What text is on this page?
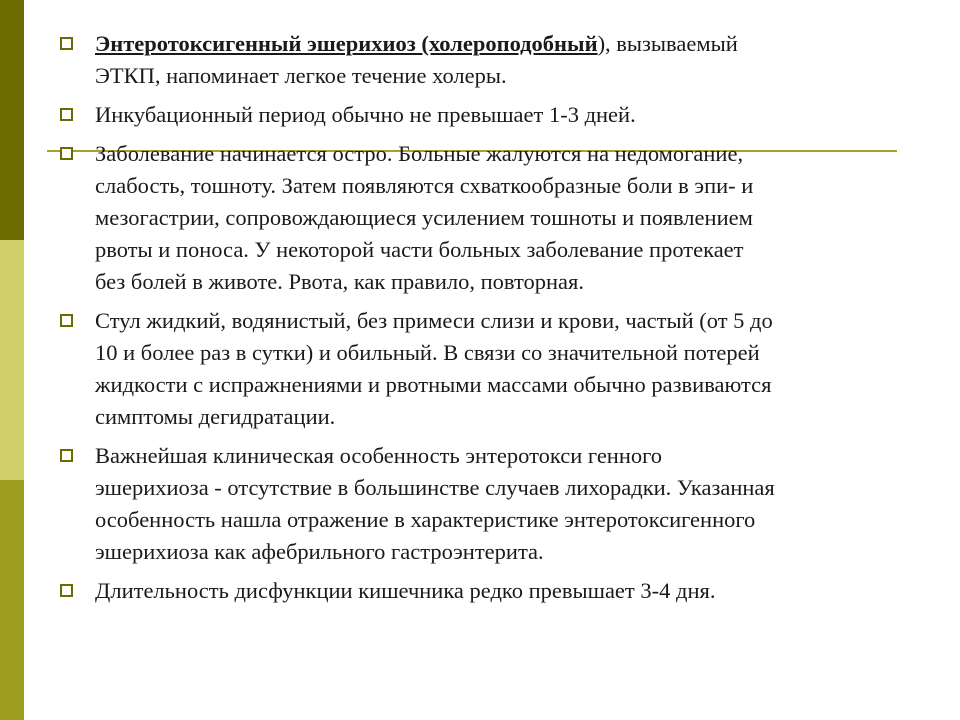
Энтеротоксигенный эшерихиоз (холероподобный), вызываемый
ЭТКП, напоминает легкое течение холеры.
Инкубационный период обычно не превышает 1-3 дней.
Заболевание начинается остро. Больные жалуются на недомогание,
слабость, тошноту. Затем появляются схваткообразные боли в эпи- и
мезогастрии, сопровождающиеся усилением тошноты и появлением
рвоты и поноса. У некоторой части больных заболевание протекает
без болей в животе. Рвота, как правило, повторная.
Стул жидкий, водянистый, без примеси слизи и крови, частый (от 5 до
10 и более раз в сутки) и обильный. В связи со значительной потерей
жидкости с испражнениями и рвотными массами обычно развиваются
симптомы дегидратации.
Важнейшая клиническая особенность энтеротокси генного
эшерихиоза - отсутствие в большинстве случаев лихорадки. Указанная
особенность нашла отражение в характеристике энтеротоксигенного
эшерихиоза как афебрильного гастроэнтерита.
Длительность дисфункции кишечника редко превышает 3-4 дня.
